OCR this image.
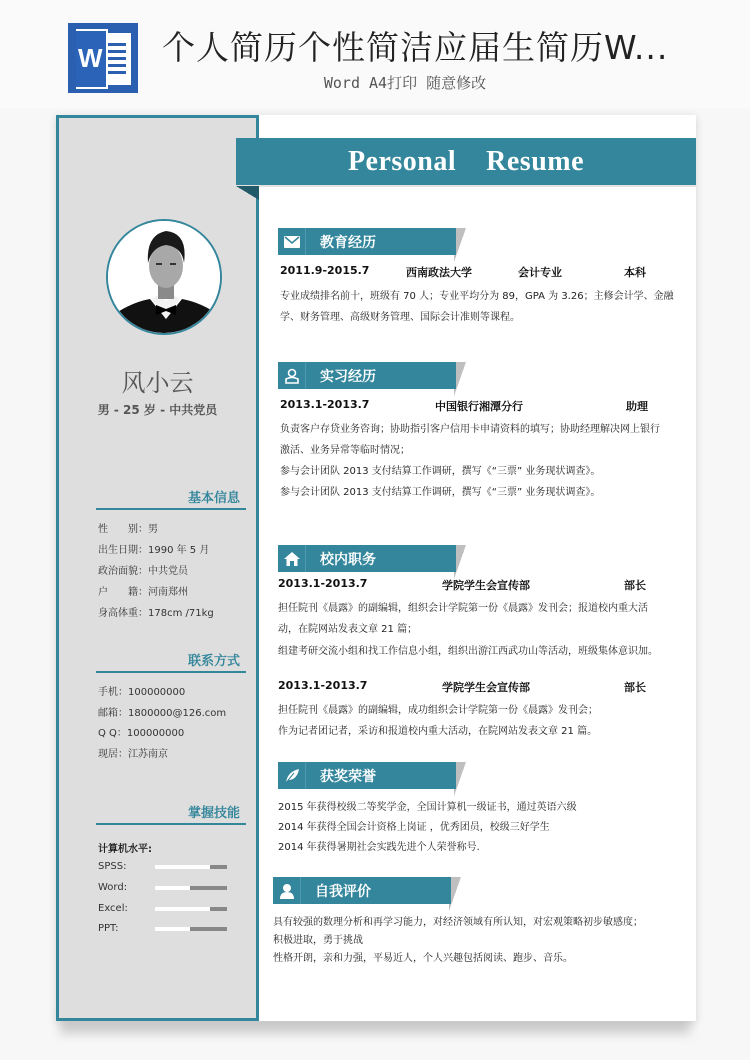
W 个人简历个性简洁应届生简历W...
Word A4打印 随意修改
Personal    Resume
风小云
男 - 25 岁 - 中共党员
基本信息
性　　别：男
出生日期：1990 年 5 月
政治面貌：中共党员
户　　籍：河南郑州
身高体重：178cm /71kg
联系方式
手机：100000000
邮箱：1800000@126.com
Q Q：100000000
现居：江苏南京
掌握技能
计算机水平:
SPSS:
Word:
Excel:
PPT:
教育经历
2011.9-2015.7	西南政法大学	会计专业	本科
专业成绩排名前十，班级有 70 人；专业平均分为 89，GPA 为 3.26；主修会计学、金融
学、财务管理、高级财务管理、国际会计准则等课程。
实习经历
2013.1-2013.7	中国银行湘潭分行	助理
负责客户存贷业务咨询；协助指引客户信用卡申请资料的填写；协助经理解决网上银行
激活、业务异常等临时情况；
参与会计团队 2013 支付结算工作调研，撰写《“三票” 业务现状调查》。
参与会计团队 2013 支付结算工作调研，撰写《“三票” 业务现状调查》。
校内职务
2013.1-2013.7	学院学生会宣传部	部长
担任院刊《晨露》的副编辑，组织会计学院第一份《晨露》发刊会；报道校内重大活
动，在院网站发表文章 21 篇；
组建考研交流小组和找工作信息小组，组织出游江西武功山等活动，班级集体意识加。
2013.1-2013.7	学院学生会宣传部	部长
担任院刊《晨露》的副编辑，成功组织会计学院第一份《晨露》发刊会；
作为记者团记者，采访和报道校内重大活动，在院网站发表文章 21 篇。
获奖荣誉
2015 年获得校级二等奖学金，全国计算机一级证书，通过英语六级
2014 年获得全国会计资格上岗证 ，优秀团员，校级三好学生
2014 年获得暑期社会实践先进个人荣誉称号.
自我评价
具有较强的数理分析和再学习能力，对经济领域有所认知，对宏观策略初步敏感度；
积极进取，勇于挑战
性格开朗，亲和力强，平易近人，个人兴趣包括阅读、跑步、音乐。
